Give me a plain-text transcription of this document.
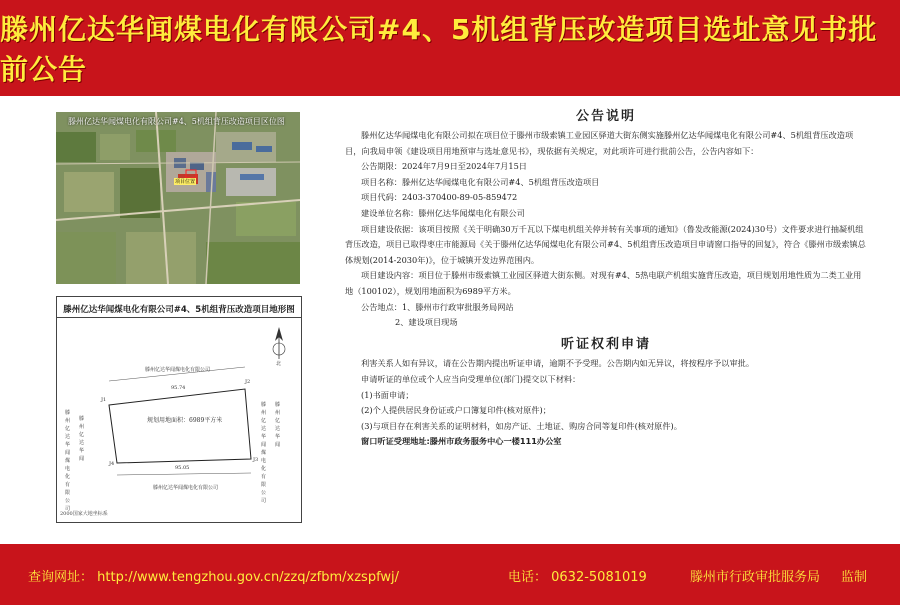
滕州亿达华闻煤电化有限公司#4、5机组背压改造项目选址意见书批前公告
滕州亿达华闻煤电化有限公司#4、5机组背压改造项目区位图
项目位置
滕州亿达华闻煤电化有限公司#4、5机组背压改造项目地形图
滕州亿达华闻煤电化有限公司
滕州亿达华闻煤电化有限公司
滕州亿达华闻煤电化有限公司
滕州亿达华闻
滕州亿达华闻煤电化有限公司
滕州亿达华闻
规划用地面积：6989平方米
95.74
95.05
J1
J2
J3
J4
北
2000国家大地坐标系
公告说明

滕州亿达华闻煤电化有限公司拟在项目位于滕州市级索镇工业园区驿道大街东侧实施滕州亿达华闻煤电化有限公司#4、5机组背压改造项目，向我局申领《建设项目用地预审与选址意见书》，现依据有关规定，对此项许可进行批前公告，公告内容如下：

公告期限：2024年7月9日至2024年7月15日

项目名称：滕州亿达华闻煤电化有限公司#4、5机组背压改造项目

项目代码：2403-370400-89-05-859472

建设单位名称：滕州亿达华闻煤电化有限公司

项目建设依据：该项目按照《关于明确30万千瓦以下煤电机组关停并转有关事项的通知》（鲁发改能源(2024)30号）文件要求进行抽凝机组背压改造，项目已取得枣庄市能源局《关于滕州亿达华闻煤电化有限公司#4、5机组背压改造项目申请窗口指导的回复》，符合《滕州市级索镇总体规划(2014-2030年)》，位于城镇开发边界范围内。

项目建设内容：项目位于滕州市级索镇工业园区驿道大街东侧。对现有#4、5热电联产机组实施背压改造，项目规划用地性质为二类工业用地（100102），规划用地面积为6989平方米。

公告地点：1、滕州市行政审批服务局网站

2、建设项目现场

听证权利申请

利害关系人如有异议，请在公告期内提出听证申请，逾期不予受理。公告期内如无异议，将按程序予以审批。

申请听证的单位或个人应当向受理单位(部门)提交以下材料：

(1)书面申请；

(2)个人提供居民身份证或户口簿复印件(核对原件)；

(3)与项目存在利害关系的证明材料，如房产证、土地证、购房合同等复印件(核对原件)。

窗口听证受理地址:滕州市政务服务中心一楼111办公室

查询网址： http://www.tengzhou.gov.cn/zzq/zfbm/xzspfwj/	电话： 0632-5081019	滕州市行政审批服务局 监制
